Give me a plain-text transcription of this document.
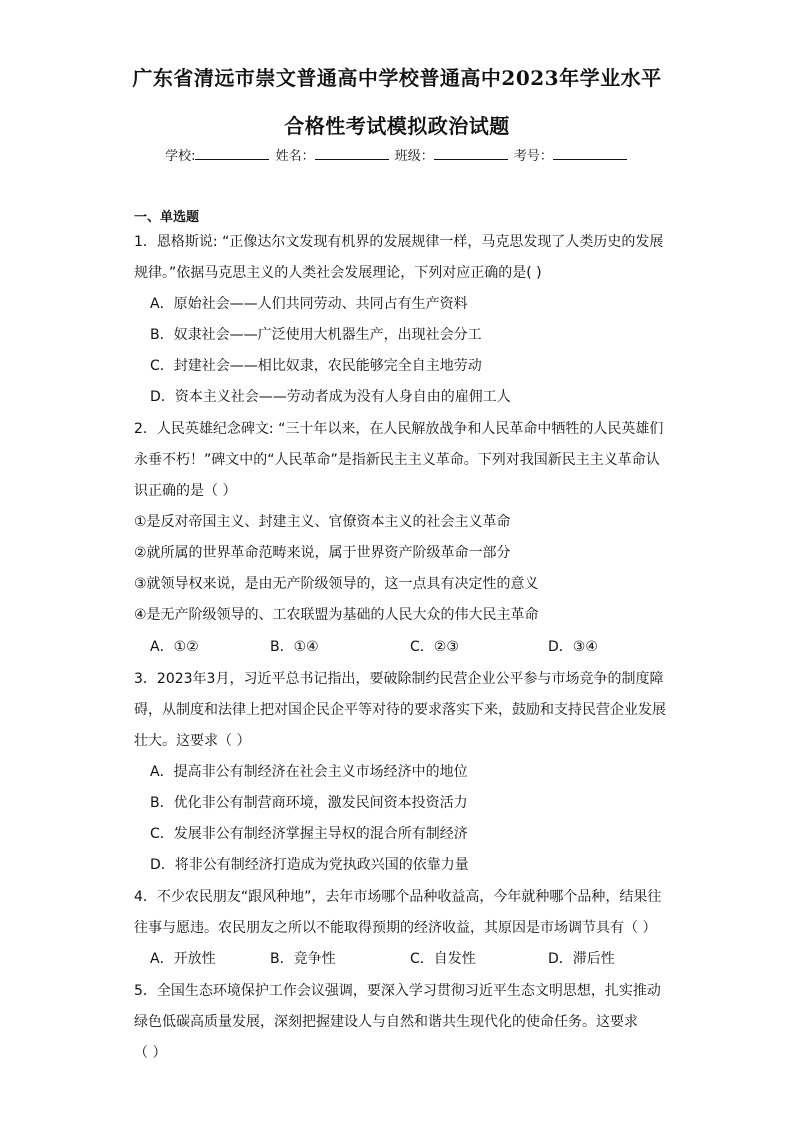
广东省清远市崇文普通高中学校普通高中2023年学业水平
合格性考试模拟政治试题
学校:	姓名：	班级：	考号：
一、单选题
1．恩格斯说: “正像达尔文发现有机界的发展规律一样，马克思发现了人类历史的发展
规律。”依据马克思主义的人类社会发展理论，下列对应正确的是( )
A．原始社会——人们共同劳动、共同占有生产资料
B．奴隶社会——广泛使用大机器生产，出现社会分工
C．封建社会——相比奴隶，农民能够完全自主地劳动
D．资本主义社会——劳动者成为没有人身自由的雇佣工人
2．人民英雄纪念碑文: “三十年以来，在人民解放战争和人民革命中牺牲的人民英雄们
永垂不朽！”碑文中的“人民革命”是指新民主主义革命。下列对我国新民主主义革命认
识正确的是（ ）
①是反对帝国主义、封建主义、官僚资本主义的社会主义革命
②就所属的世界革命范畴来说，属于世界资产阶级革命一部分
③就领导权来说，是由无产阶级领导的，这一点具有决定性的意义
④是无产阶级领导的、工农联盟为基础的人民大众的伟大民主革命
A．①②	B．①④	C．②③	D．③④
3．2023年3月，习近平总书记指出，要破除制约民营企业公平参与市场竞争的制度障
碍，从制度和法律上把对国企民企平等对待的要求落实下来，鼓励和支持民营企业发展
壮大。这要求（ ）
A．提高非公有制经济在社会主义市场经济中的地位
B．优化非公有制营商环境，激发民间资本投资活力
C．发展非公有制经济掌握主导权的混合所有制经济
D．将非公有制经济打造成为党执政兴国的依靠力量
4．不少农民朋友“跟风种地”，去年市场哪个品种收益高，今年就种哪个品种，结果往
往事与愿违。农民朋友之所以不能取得预期的经济收益，其原因是市场调节具有（ ）
A．开放性	B．竞争性	C．自发性	D．滞后性
5．全国生态环境保护工作会议强调，要深入学习贯彻习近平生态文明思想，扎实推动
绿色低碳高质量发展，深刻把握建设人与自然和谐共生现代化的使命任务。这要求
（ ）
